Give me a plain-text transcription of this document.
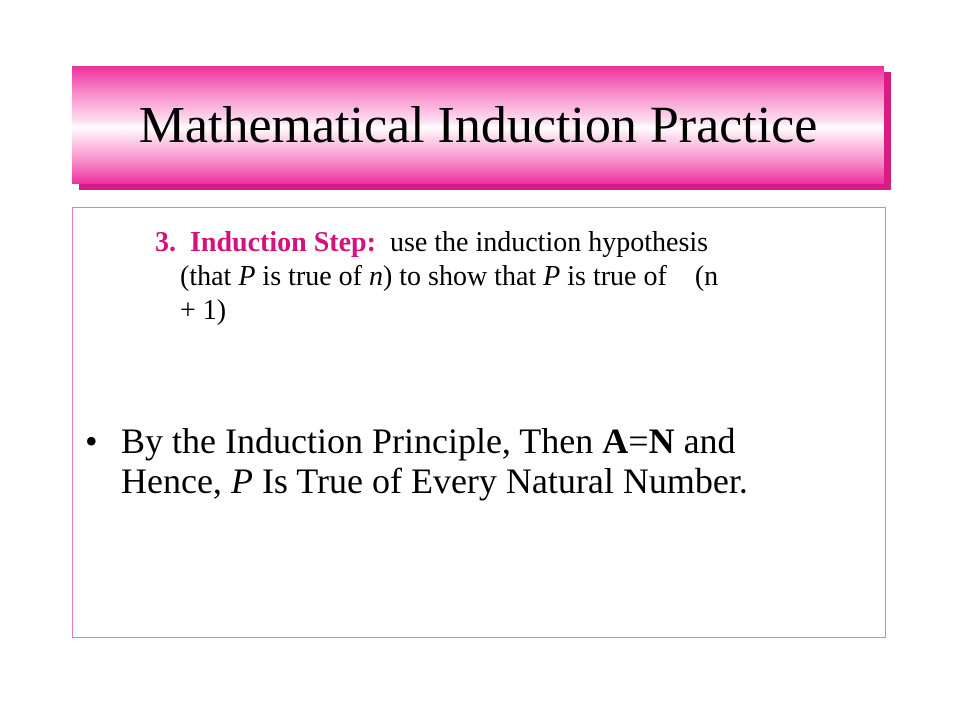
Mathematical Induction Practice
3. Induction Step: use the induction hypothesis
(that P is true of n) to show that P is true of    (n
+ 1)
• By the Induction Principle, Then A=N and
Hence, P Is True of Every Natural Number.
